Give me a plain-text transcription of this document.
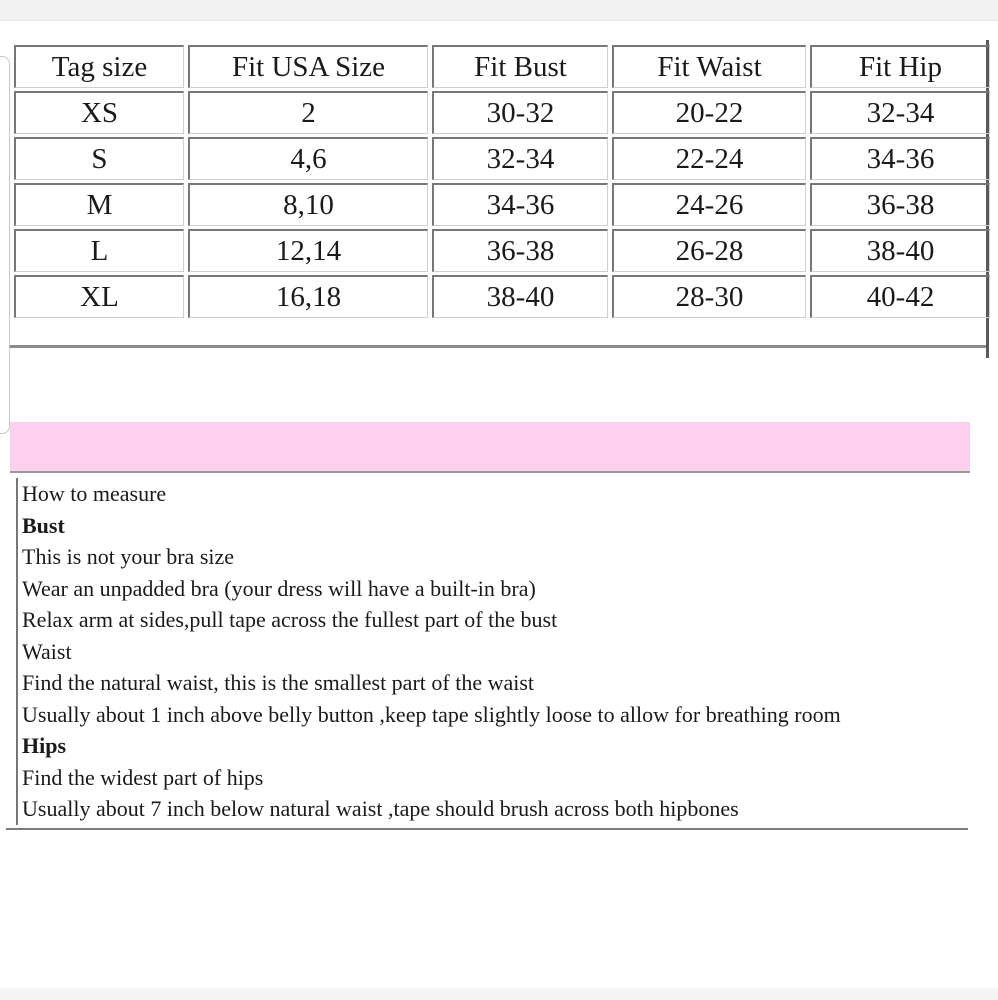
Tag size	Fit USA Size	Fit Bust	Fit Waist	Fit Hip
XS	2	30-32	20-22	32-34
S	4,6	32-34	22-24	34-36
M	8,10	34-36	24-26	36-38
L	12,14	36-38	26-28	38-40
XL	16,18	38-40	28-30	40-42
How to measure
Bust
This is not your bra size
Wear an unpadded bra (your dress will have a built-in bra)
Relax arm at sides,pull tape across the fullest part of the bust
Waist
Find the natural waist, this is the smallest part of the waist
Usually about 1 inch above belly button ,keep tape slightly loose to allow for breathing room
Hips
Find the widest part of hips
Usually about 7 inch below natural waist ,tape should brush across both hipbones
